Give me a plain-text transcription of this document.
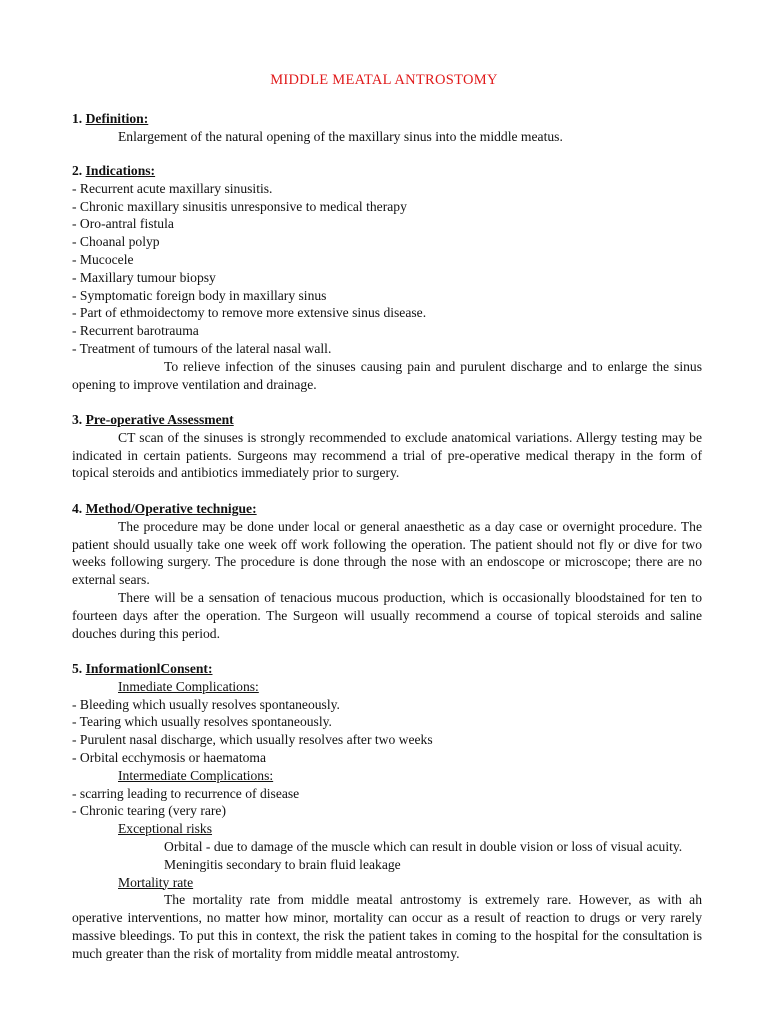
MIDDLE MEATAL ANTROSTOMY
1. Definition:
Enlargement of the natural opening of the maxillary sinus into the middle meatus.
2. Indications:
- Recurrent acute maxillary sinusitis.
- Chronic maxillary sinusitis unresponsive to medical therapy
- Oro-antral fistula
- Choanal polyp
- Mucocele
- Maxillary tumour biopsy
- Symptomatic foreign body in maxillary sinus
- Part of ethmoidectomy to remove more extensive sinus disease.
- Recurrent barotrauma
- Treatment of tumours of the lateral nasal wall.

To relieve infection of the sinuses causing pain and purulent discharge and to enlarge the sinus opening to improve ventilation and drainage.

3. Pre-operative Assessment

CT scan of the sinuses is strongly recommended to exclude anatomical variations. Allergy testing may be indicated in certain patients. Surgeons may recommend a trial of pre-operative medical therapy in the form of topical steroids and antibiotics immediately prior to surgery.

4. Method/Operative technigue:

The procedure may be done under local or general anaesthetic as a day case or overnight procedure. The patient should usually take one week off work following the operation. The patient should not fly or dive for two weeks following surgery. The procedure is done through the nose with an endoscope or microscope; there are no external sears.

There will be a sensation of tenacious mucous production, which is occasionally bloodstained for ten to fourteen days after the operation. The Surgeon will usually recommend a course of topical steroids and saline douches during this period.

5. InformationlConsent:
Inmediate Complications:
- Bleeding which usually resolves spontaneously.
- Tearing which usually resolves spontaneously.
- Purulent nasal discharge, which usually resolves after two weeks
- Orbital ecchymosis or haematoma
Intermediate Complications:
- scarring leading to recurrence of disease
- Chronic tearing (very rare)
Exceptional risks

Orbital - due to damage of the muscle which can result in double vision or loss of visual acuity.

Meningitis secondary to brain fluid leakage

Mortality rate

The mortality rate from middle meatal antrostomy is extremely rare. However, as with ah operative interventions, no matter how minor, mortality can occur as a result of reaction to drugs or very rarely massive bleedings. To put this in context, the risk the patient takes in coming to the hospital for the consultation is much greater than the risk of mortality from middle meatal antrostomy.
